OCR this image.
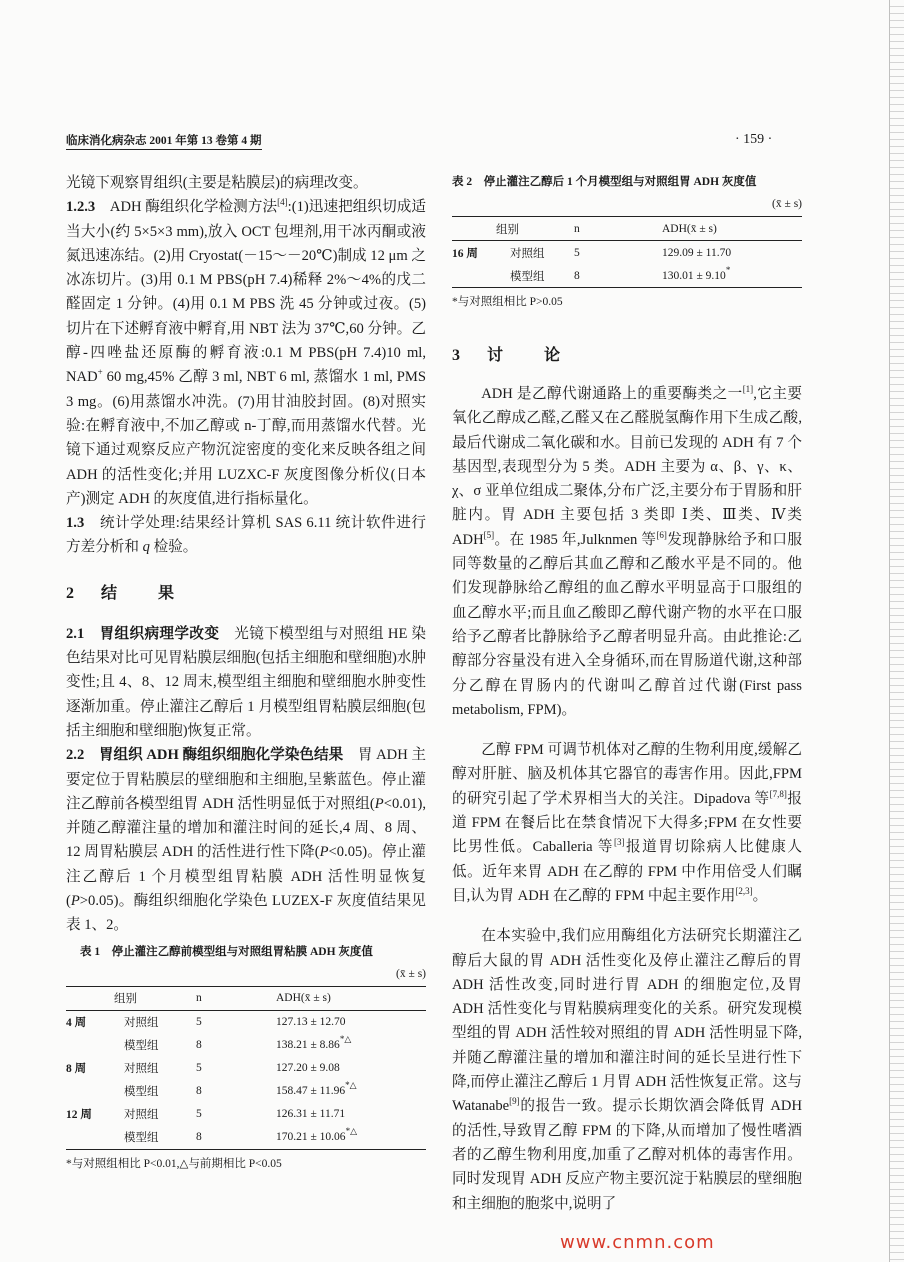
临床消化病杂志 2001 年第 13 卷第 4 期	· 159 ·

光镜下观察胃组织(主要是粘膜层)的病理改变。

1.2.3　ADH 酶组织化学检测方法[4]:(1)迅速把组织切成适当大小(约 5×5×3 mm),放入 OCT 包埋剂,用干冰丙酮或液氮迅速冻结。(2)用 Cryostat(－15～－20℃)制成 12 μm 之冰冻切片。(3)用 0.1 M PBS(pH 7.4)稀释 2%～4%的戊二醛固定 1 分钟。(4)用 0.1 M PBS 洗 45 分钟或过夜。(5)切片在下述孵育液中孵育,用 NBT 法为 37℃,60 分钟。乙醇-四唑盐还原酶的孵育液:0.1 M PBS(pH 7.4)10 ml, NAD+ 60 mg,45% 乙醇 3 ml, NBT 6 ml, 蒸馏水 1 ml, PMS 3 mg。(6)用蒸馏水冲洗。(7)用甘油胶封固。(8)对照实验:在孵育液中,不加乙醇或 n-丁醇,而用蒸馏水代替。光镜下通过观察反应产物沉淀密度的变化来反映各组之间 ADH 的活性变化;并用 LUZXC-F 灰度图像分析仪(日本产)测定 ADH 的灰度值,进行指标量化。

1.3　统计学处理:结果经计算机 SAS 6.11 统计软件进行方差分析和 q 检验。

2 结	果

2.1　胃组织病理学改变　光镜下模型组与对照组 HE 染色结果对比可见胃粘膜层细胞(包括主细胞和壁细胞)水肿变性;且 4、8、12 周末,模型组主细胞和壁细胞水肿变性逐渐加重。停止灌注乙醇后 1 月模型组胃粘膜层细胞(包括主细胞和壁细胞)恢复正常。

2.2　胃组织 ADH 酶组织细胞化学染色结果　胃 ADH 主要定位于胃粘膜层的壁细胞和主细胞,呈紫蓝色。停止灌注乙醇前各模型组胃 ADH 活性明显低于对照组(P<0.01),并随乙醇灌注量的增加和灌注时间的延长,4 周、8 周、12 周胃粘膜层 ADH 的活性进行性下降(P<0.05)。停止灌注乙醇后 1 个月模型组胃粘膜 ADH 活性明显恢复(P>0.05)。酶组织细胞化学染色 LUZEX-F 灰度值结果见表 1、2。

表 1　停止灌注乙醇前模型组与对照组胃粘膜 ADH 灰度值
(x̄ ± s)
组别		n	ADH(x̄ ± s)
4 周	对照组	5	127.13 ± 12.70
	模型组	8	138.21 ± 8.86*△
8 周	对照组	5	127.20 ± 9.08
	模型组	8	158.47 ± 11.96*△
12 周	对照组	5	126.31 ± 11.71
	模型组	8	170.21 ± 10.06*△
*与对照组相比 P<0.01,△与前期相比 P<0.05
表 2　停止灌注乙醇后 1 个月模型组与对照组胃 ADH 灰度值
(x̄ ± s)
组别		n	ADH(x̄ ± s)
16 周	对照组	5	129.09 ± 11.70
	模型组	8	130.01 ± 9.10*
*与对照组相比 P>0.05
3 讨	论

ADH 是乙醇代谢通路上的重要酶类之一[1],它主要氧化乙醇成乙醛,乙醛又在乙醛脱氢酶作用下生成乙酸,最后代谢成二氧化碳和水。目前已发现的 ADH 有 7 个基因型,表现型分为 5 类。ADH 主要为 α、β、γ、κ、χ、σ 亚单位组成二聚体,分布广泛,主要分布于胃肠和肝脏内。胃 ADH 主要包括 3 类即 Ⅰ类、Ⅲ类、Ⅳ类 ADH[5]。在 1985 年,Julknmen 等[6]发现静脉给予和口服同等数量的乙醇后其血乙醇和乙酸水平是不同的。他们发现静脉给乙醇组的血乙醇水平明显高于口服组的血乙醇水平;而且血乙酸即乙醇代谢产物的水平在口服给予乙醇者比静脉给予乙醇者明显升高。由此推论:乙醇部分容量没有进入全身循环,而在胃肠道代谢,这种部分乙醇在胃肠内的代谢叫乙醇首过代谢(First pass metabolism, FPM)。

乙醇 FPM 可调节机体对乙醇的生物利用度,缓解乙醇对肝脏、脑及机体其它器官的毒害作用。因此,FPM 的研究引起了学术界相当大的关注。Dipadova 等[7,8]报道 FPM 在餐后比在禁食情况下大得多;FPM 在女性要比男性低。Caballeria 等[3]报道胃切除病人比健康人低。近年来胃 ADH 在乙醇的 FPM 中作用倍受人们瞩目,认为胃 ADH 在乙醇的 FPM 中起主要作用[2,3]。

在本实验中,我们应用酶组化方法研究长期灌注乙醇后大鼠的胃 ADH 活性变化及停止灌注乙醇后的胃 ADH 活性改变,同时进行胃 ADH 的细胞定位,及胃 ADH 活性变化与胃粘膜病理变化的关系。研究发现模型组的胃 ADH 活性较对照组的胃 ADH 活性明显下降,并随乙醇灌注量的增加和灌注时间的延长呈进行性下降,而停止灌注乙醇后 1 月胃 ADH 活性恢复正常。这与 Watanabe[9]的报告一致。提示长期饮酒会降低胃 ADH 的活性,导致胃乙醇 FPM 的下降,从而增加了慢性嗜酒者的乙醇生物利用度,加重了乙醇对机体的毒害作用。同时发现胃 ADH 反应产物主要沉淀于粘膜层的壁细胞和主细胞的胞浆中,说明了

www.cnmn.com
